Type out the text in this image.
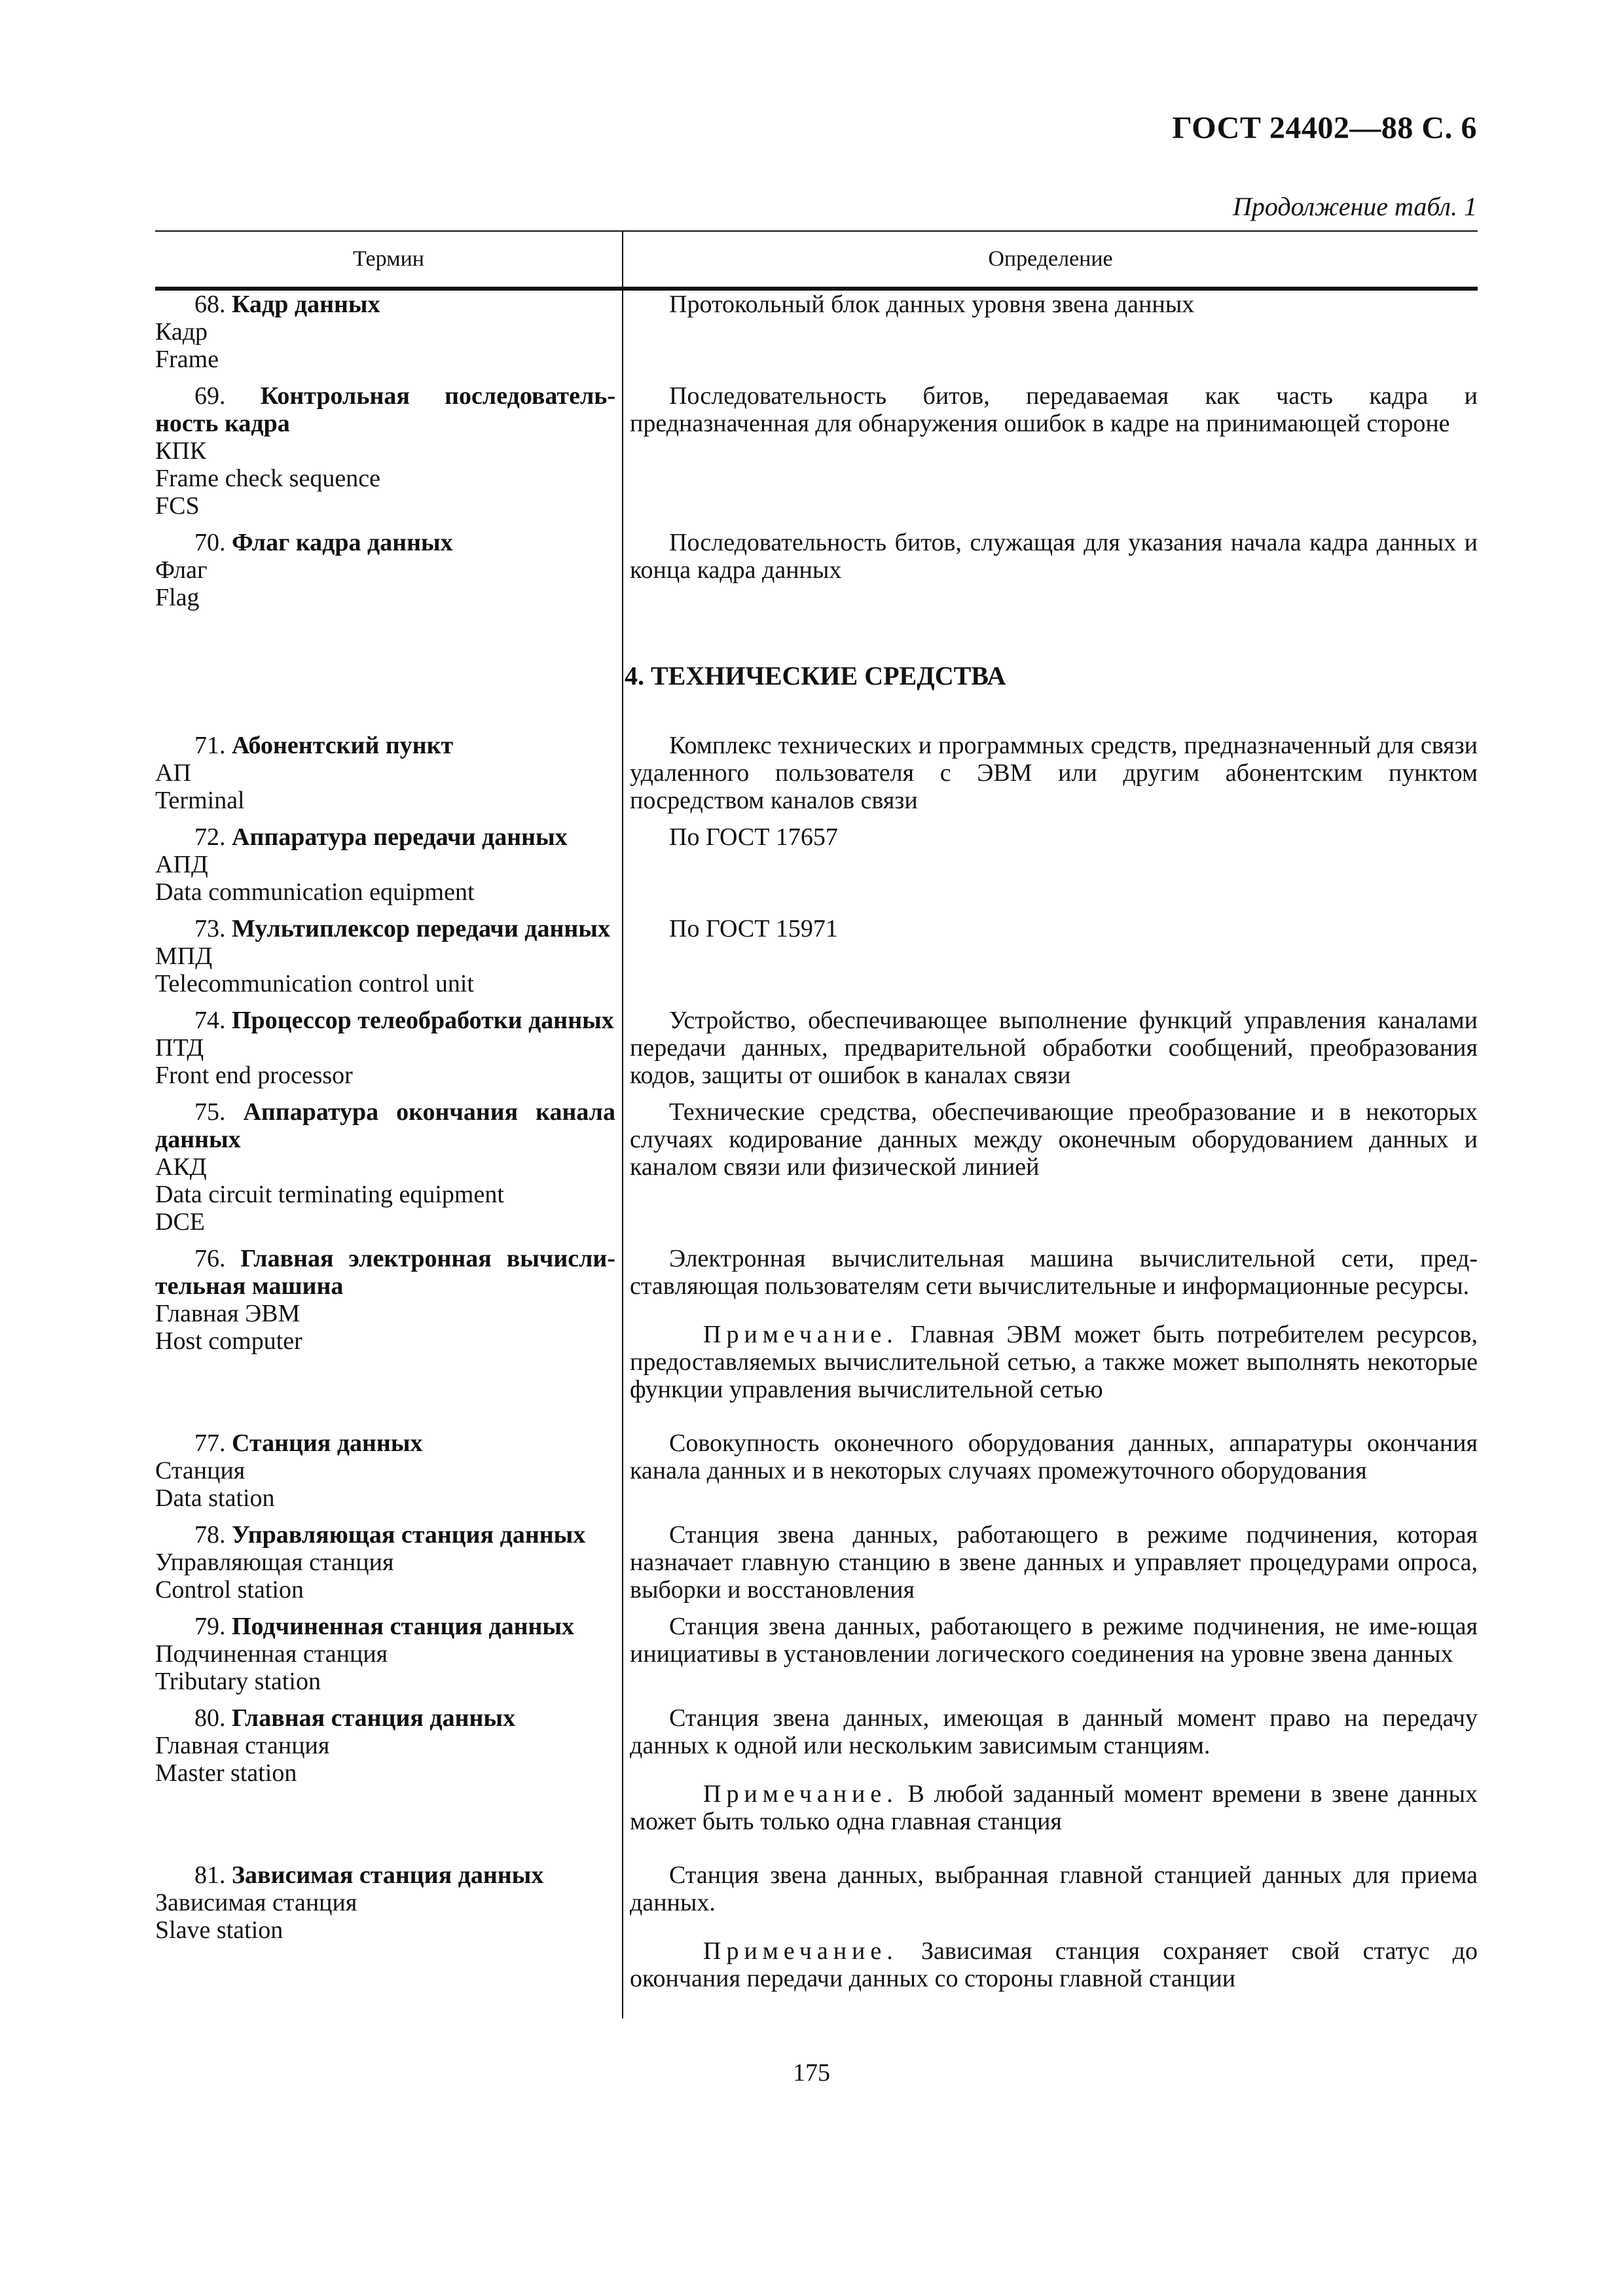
ГОСТ 24402—88 С. 6
Продолжение табл. 1
Термин	Определение
68. Кадр данных
Кадр
Frame
Протокольный блок данных уровня звена данных
69. Контрольная последователь-ность кадра
КПК
Frame check sequence
FCS
Последовательность битов, передаваемая как часть кадра и предназначенная для обнаружения ошибок в кадре на принимающей стороне
70. Флаг кадра данных
Флаг
Flag
Последовательность битов, служащая для указания начала кадра данных и конца кадра данных
4. ТЕХНИЧЕСКИЕ СРЕДСТВА
71. Абонентский пункт
АП
Terminal
Комплекс технических и программных средств, предназначенный для связи удаленного пользователя с ЭВМ или другим абонентским пунктом посредством каналов связи
72. Аппаратура передачи данных
АПД
Data communication equipment
По ГОСТ 17657
73. Мультиплексор передачи данных
МПД
Telecommunication control unit
По ГОСТ 15971
74. Процессор телеобработки данных
ПТД
Front end processor
Устройство, обеспечивающее выполнение функций управления каналами передачи данных, предварительной обработки сообщений, преобразования кодов, защиты от ошибок в каналах связи
75. Аппаратура окончания канала данных
АКД
Data circuit terminating equipment
DCE
Технические средства, обеспечивающие преобразование и в некоторых случаях кодирование данных между оконечным оборудованием данных и каналом связи или физической линией
76. Главная электронная вычисли-тельная машина
Главная ЭВМ
Host computer
Электронная вычислительная машина вычислительной сети, пред-ставляющая пользователям сети вычислительные и информационные ресурсы.
Примечание. Главная ЭВМ может быть потребителем ресурсов, предоставляемых вычислительной сетью, а также может выполнять некоторые функции управления вычислительной сетью
77. Станция данных
Станция
Data station
Совокупность оконечного оборудования данных, аппаратуры окончания канала данных и в некоторых случаях промежуточного оборудования
78. Управляющая станция данных
Управляющая станция
Control station
Станция звена данных, работающего в режиме подчинения, которая назначает главную станцию в звене данных и управляет процедурами опроса, выборки и восстановления
79. Подчиненная станция данных
Подчиненная станция
Tributary station
Станция звена данных, работающего в режиме подчинения, не име-ющая инициативы в установлении логического соединения на уровне звена данных
80. Главная станция данных
Главная станция
Master station
Станция звена данных, имеющая в данный момент право на передачу данных к одной или нескольким зависимым станциям.
Примечание. В любой заданный момент времени в звене данных может быть только одна главная станция
81. Зависимая станция данных
Зависимая станция
Slave station
Станция звена данных, выбранная главной станцией данных для приема данных.
Примечание. Зависимая станция сохраняет свой статус до окончания передачи данных со стороны главной станции
175
